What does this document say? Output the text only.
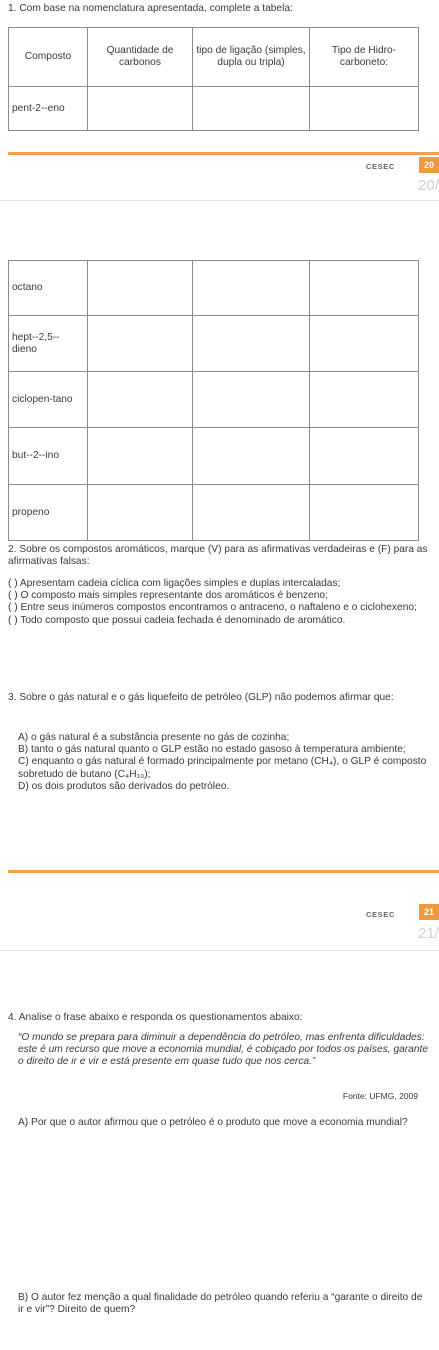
1. Com base na nomenclatura apresentada, complete a tabela:
Composto	Quantidade de carbonos	tipo de ligação (simples, dupla ou tripla)	Tipo de Hidro-carboneto:
pent-2--eno			
CESEC	20
20/
octano			
hept--2,5--dieno			
ciclopen-tano			
but--2--ino			
propeno			
2. Sobre os compostos aromáticos, marque (V) para as afirmativas verdadeiras e (F) para as afirmativas falsas:
( ) Apresentam cadeia cíclica com ligações simples e duplas intercaladas;
( ) O composto mais simples representante dos aromáticos é benzeno;
( ) Entre seus inúmeros compostos encontramos o antraceno, o naftaleno e o ciclohexeno;
( ) Todo composto que possui cadeia fechada é denominado de aromático.
3. Sobre o gás natural e o gás liquefeito de petróleo (GLP) não podemos afirmar que:
A) o gás natural é a substância presente no gás de cozinha;
B) tanto o gás natural quanto o GLP estão no estado gasoso à temperatura ambiente;
C) enquanto o gás natural é formado principalmente por metano (CH₄), o GLP é composto sobretudo de butano (C₄H₁₀);
D) os dois produtos são derivados do petróleo.
CESEC	21
21/
4. Analise o frase abaixo e responda os questionamentos abaixo:
“O mundo se prepara para diminuir a dependência do petróleo, mas enfrenta dificuldades: este é um recurso que move a economia mundial, é cobiçado por todos os países, garante o direito de ir e vir e está presente em quase tudo que nos cerca.”
Fonte: UFMG, 2009
A) Por que o autor afirmou que o petróleo é o produto que move a economia mundial?
B) O autor fez menção a qual finalidade do petróleo quando referiu a “garante o direito de ir e vir”? Direito de quem?
